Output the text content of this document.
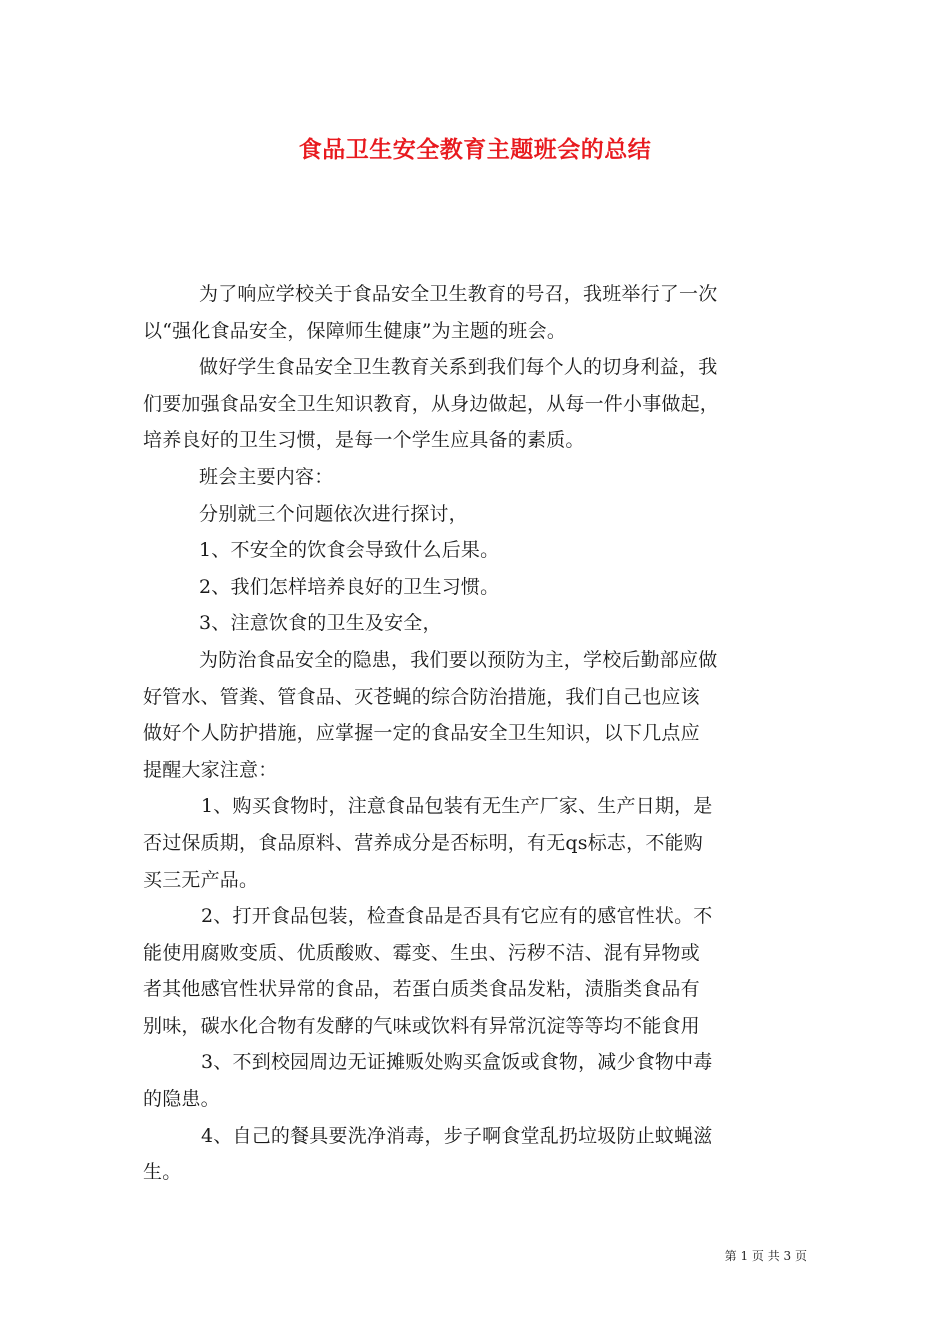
食品卫生安全教育主题班会的总结

为了响应学校关于食品安全卫生教育的号召，我班举行了一次
以“强化食品安全，保障师生健康”为主题的班会。

做好学生食品安全卫生教育关系到我们每个人的切身利益，我
们要加强食品安全卫生知识教育，从身边做起，从每一件小事做起，
培养良好的卫生习惯，是每一个学生应具备的素质。

班会主要内容：

分别就三个问题依次进行探讨，

1、不安全的饮食会导致什么后果。

2、我们怎样培养良好的卫生习惯。

3、注意饮食的卫生及安全，

为防治食品安全的隐患，我们要以预防为主，学校后勤部应做
好管水、管粪、管食品、灭苍蝇的综合防治措施，我们自己也应该
做好个人防护措施，应掌握一定的食品安全卫生知识，以下几点应
提醒大家注意：

1、购买食物时，注意食品包装有无生产厂家、生产日期，是
否过保质期，食品原料、营养成分是否标明，有无qs标志，不能购
买三无产品。

2、打开食品包装，检查食品是否具有它应有的感官性状。不
能使用腐败变质、优质酸败、霉变、生虫、污秽不洁、混有异物或
者其他感官性状异常的食品，若蛋白质类食品发粘，渍脂类食品有
别味，碳水化合物有发酵的气味或饮料有异常沉淀等等均不能食用

3、不到校园周边无证摊贩处购买盒饭或食物，减少食物中毒
的隐患。

4、自己的餐具要洗净消毒，步子啊食堂乱扔垃圾防止蚊蝇滋
生。

第 1 页 共 3 页
